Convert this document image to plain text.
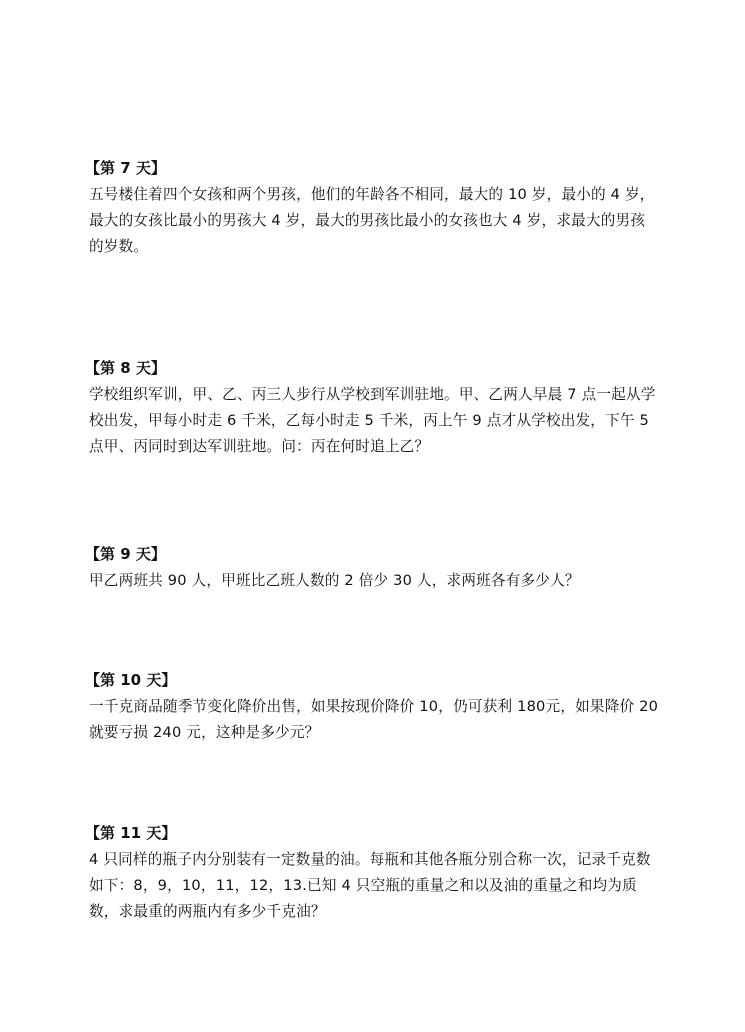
【第 7 天】

五号楼住着四个女孩和两个男孩，他们的年龄各不相同，最大的 10 岁，最小的 4 岁，最大的女孩比最小的男孩大 4 岁，最大的男孩比最小的女孩也大 4 岁，求最大的男孩的岁数。

【第 8 天】

学校组织军训，甲、乙、丙三人步行从学校到军训驻地。甲、乙两人早晨 7 点一起从学校出发，甲每小时走 6 千米，乙每小时走 5 千米，丙上午 9 点才从学校出发，下午 5 点甲、丙同时到达军训驻地。问：丙在何时追上乙？

【第 9 天】

甲乙两班共 90 人，甲班比乙班人数的 2 倍少 30 人，求两班各有多少人？

【第 10 天】

一千克商品随季节变化降价出售，如果按现价降价 10，仍可获利 180元，如果降价 20 就要亏损 240 元，这种是多少元？

【第 11 天】

4 只同样的瓶子内分别装有一定数量的油。每瓶和其他各瓶分别合称一次，记录千克数如下：8，9，10，11，12，13.已知 4 只空瓶的重量之和以及油的重量之和均为质数，求最重的两瓶内有多少千克油？
